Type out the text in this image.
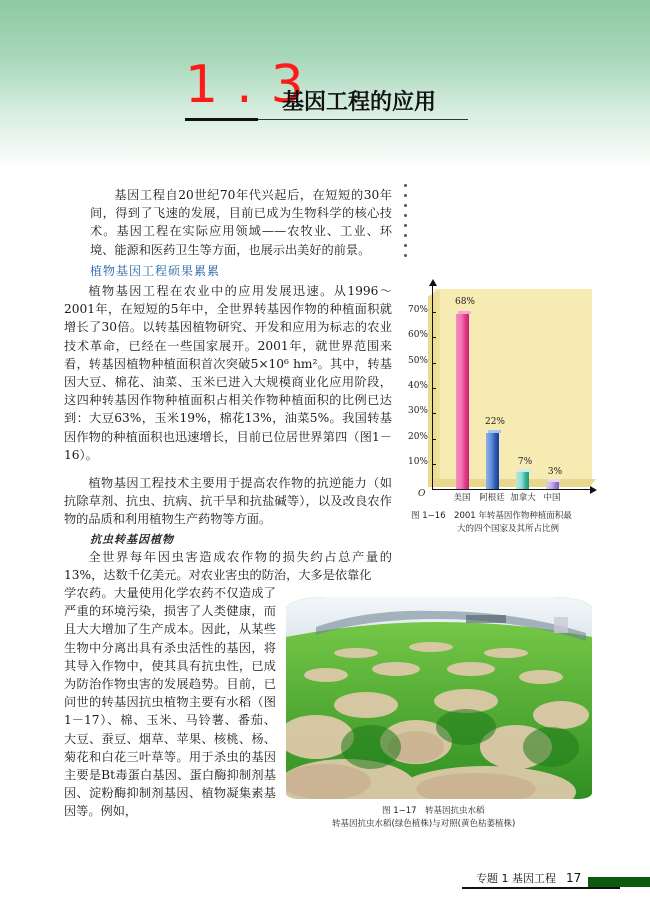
1.3
基因工程的应用

基因工程自20世纪70年代兴起后，在短短的30年间，得到了飞速的发展，目前已成为生物科学的核心技术。基因工程在实际应用领域——农牧业、工业、环境、能源和医药卫生等方面，也展示出美好的前景。

植物基因工程硕果累累

植物基因工程在农业中的应用发展迅速。从1996～2001年，在短短的5年中，全世界转基因作物的种植面积就增长了30倍。以转基因植物研究、开发和应用为标志的农业技术革命，已经在一些国家展开。2001年，就世界范围来看，转基因植物种植面积首次突破5×10⁶ hm²。其中，转基因大豆、棉花、油菜、玉米已进入大规模商业化应用阶段，这四种转基因作物种植面积占相关作物种植面积的比例已达到：大豆63%，玉米19%，棉花13%，油菜5%。我国转基因作物的种植面积也迅速增长，目前已位居世界第四（图1－16）。

植物基因工程技术主要用于提高农作物的抗逆能力（如抗除草剂、抗虫、抗病、抗干旱和抗盐碱等），以及改良农作物的品质和利用植物生产药物等方面。

抗虫转基因植物

全世界每年因虫害造成农作物的损失约占总产量的13%，达数千亿美元。对农业害虫的防治，大多是依靠化

学农药。大量使用化学农药不仅造成了严重的环境污染，损害了人类健康，而且大大增加了生产成本。因此，从某些生物中分离出具有杀虫活性的基因，将其导入作物中，使其具有抗虫性，已成为防治作物虫害的发展趋势。目前，已问世的转基因抗虫植物主要有水稻（图1－17）、棉、玉米、马铃薯、番茄、大豆、蚕豆、烟草、苹果、核桃、杨、菊花和白花三叶草等。用于杀虫的基因主要是Bt毒蛋白基因、蛋白酶抑制剂基因、淀粉酶抑制剂基因、植物凝集素基因等。例如，

10%
20%
30%
40%
50%
60%
70%
O
68%
22%
7%
3%
美国	阿根廷 加拿大 中国
图 1−16　2001 年转基因作物种植面积最
大的四个国家及其所占比例
图 1−17　转基因抗虫水稻
转基因抗虫水稻(绿色植株)与对照(黄色枯萎植株)
专题 1 基因工程 17
